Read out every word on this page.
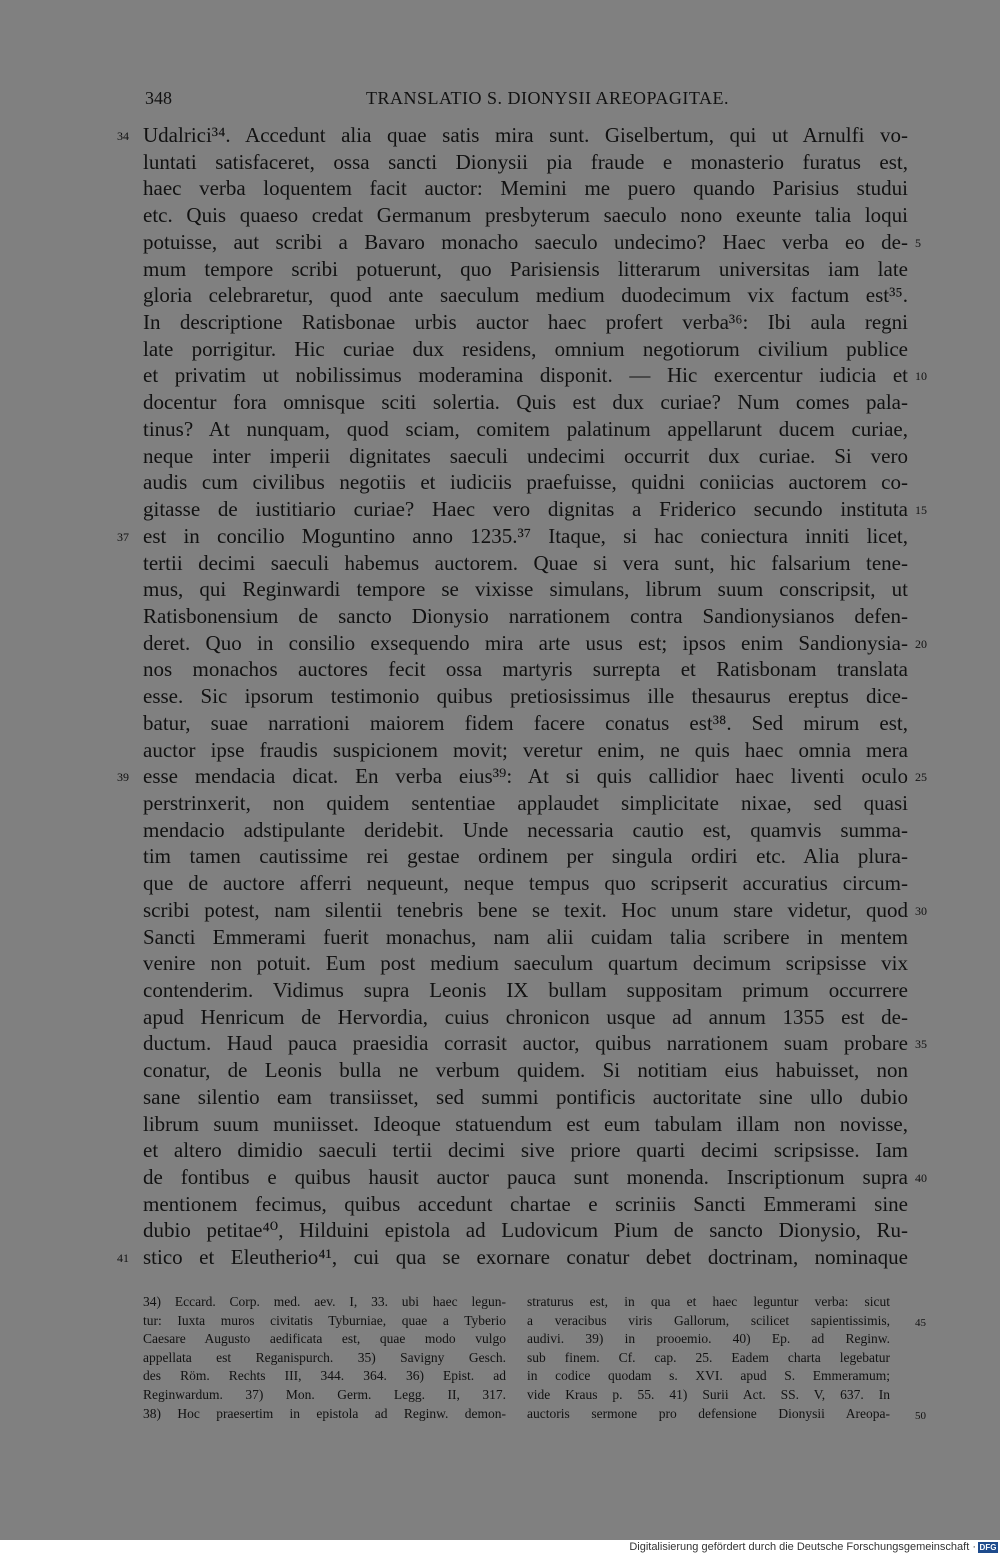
348	TRANSLATIO S. DIONYSII AREOPAGITAE.
Udalrici³⁴. Accedunt alia quae satis mira sunt. Giselbertum, qui ut Arnulfi vo-
34
luntati satisfaceret, ossa sancti Dionysii pia fraude e monasterio furatus est,
haec verba loquentem facit auctor: Memini me puero quando Parisius studui
etc. Quis quaeso credat Germanum presbyterum saeculo nono exeunte talia loqui
potuisse, aut scribi a Bavaro monacho saeculo undecimo? Haec verba eo de- 5
mum tempore scribi potuerunt, quo Parisiensis litterarum universitas iam late
gloria celebraretur, quod ante saeculum medium duodecimum vix factum est³⁵.
In descriptione Ratisbonae urbis auctor haec profert verba³⁶: Ibi aula regni
late porrigitur. Hic curiae dux residens, omnium negotiorum civilium publice
et privatim ut nobilissimus moderamina disponit. — Hic exercentur iudicia et 10
docentur fora omnisque sciti solertia. Quis est dux curiae? Num comes pala-
tinus? At nunquam, quod sciam, comitem palatinum appellarunt ducem curiae,
neque inter imperii dignitates saeculi undecimi occurrit dux curiae. Si vero
audis cum civilibus negotiis et iudiciis praefuisse, quidni coniicias auctorem co-
gitasse de iustitiario curiae? Haec vero dignitas a Friderico secundo instituta 15
est in concilio Moguntino anno 1235.³⁷ Itaque, si hac coniectura inniti licet,
37
tertii decimi saeculi habemus auctorem. Quae si vera sunt, hic falsarium tene-
mus, qui Reginwardi tempore se vixisse simulans, librum suum conscripsit, ut
Ratisbonensium de sancto Dionysio narrationem contra Sandionysianos defen-
deret. Quo in consilio exsequendo mira arte usus est; ipsos enim Sandionysia- 20
nos monachos auctores fecit ossa martyris surrepta et Ratisbonam translata
esse. Sic ipsorum testimonio quibus pretiosissimus ille thesaurus ereptus dice-
batur, suae narrationi maiorem fidem facere conatus est³⁸. Sed mirum est,
auctor ipse fraudis suspicionem movit; veretur enim, ne quis haec omnia mera
esse mendacia dicat. En verba eius³⁹: At si quis callidior haec liventi oculo
39	25
perstrinxerit, non quidem sententiae applaudet simplicitate nixae, sed quasi
mendacio adstipulante deridebit. Unde necessaria cautio est, quamvis summa-
tim tamen cautissime rei gestae ordinem per singula ordiri etc. Alia plura-
que de auctore afferri nequeunt, neque tempus quo scripserit accuratius circum-
scribi potest, nam silentii tenebris bene se texit. Hoc unum stare videtur, quod 30
Sancti Emmerami fuerit monachus, nam alii cuidam talia scribere in mentem
venire non potuit. Eum post medium saeculum quartum decimum scripsisse vix
contenderim. Vidimus supra Leonis IX bullam suppositam primum occurrere
apud Henricum de Hervordia, cuius chronicon usque ad annum 1355 est de-
ductum. Haud pauca praesidia corrasit auctor, quibus narrationem suam probare 35
conatur, de Leonis bulla ne verbum quidem. Si notitiam eius habuisset, non
sane silentio eam transiisset, sed summi pontificis auctoritate sine ullo dubio
librum suum muniisset. Ideoque statuendum est eum tabulam illam non novisse,
et altero dimidio saeculi tertii decimi sive priore quarti decimi scripsisse. Iam
de fontibus e quibus hausit auctor pauca sunt monenda. Inscriptionum supra 40
mentionem fecimus, quibus accedunt chartae e scriniis Sancti Emmerami sine
dubio petitae⁴⁰, Hilduini epistola ad Ludovicum Pium de sancto Dionysio, Ru-
stico et Eleutherio⁴¹, cui qua se exornare conatur debet doctrinam, nominaque
41
34) Eccard. Corp. med. aev. I, 33. ubi haec legun-
tur: Iuxta muros civitatis Tyburniae, quae a Tyberio
Caesare Augusto aedificata est, quae modo vulgo
appellata est Reganispurch. 35) Savigny Gesch.
des Röm. Rechts III, 344. 364. 36) Epist. ad
Reginwardum. 37) Mon. Germ. Legg. II, 317.
38) Hoc praesertim in epistola ad Reginw. demon-
straturus est, in qua et haec leguntur verba: sicut
a veracibus viris Gallorum, scilicet sapientissimis, 45
audivi. 39) in prooemio. 40) Ep. ad Reginw.
sub finem. Cf. cap. 25. Eadem charta legebatur
in codice quodam s. XVI. apud S. Emmeramum;
vide Kraus p. 55. 41) Surii Act. SS. V, 637. In
auctoris sermone pro defensione Dionysii Areopa- 50
Digitalisierung gefördert durch die Deutsche Forschungsgemeinschaft · DFG
